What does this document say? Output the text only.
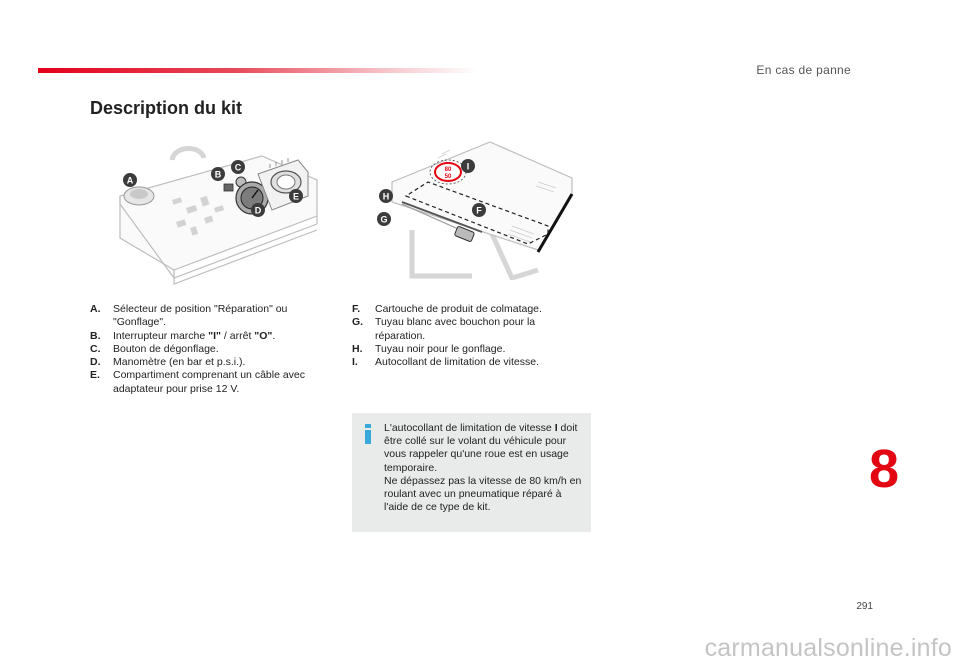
En cas de panne
Description du kit
A
B
C
D
E
80
50
I
H
F
G
A. Sélecteur de position "Réparation" ou "Gonflage".
B. Interrupteur marche "I" / arrêt "O".
C. Bouton de dégonflage.
D. Manomètre (en bar et p.s.i.).
E. Compartiment comprenant un câble avec adaptateur pour prise 12 V.
F. Cartouche de produit de colmatage.
G. Tuyau blanc avec bouchon pour la réparation.
H. Tuyau noir pour le gonflage.
I. Autocollant de limitation de vitesse.
L'autocollant de limitation de vitesse I doit être collé sur le volant du véhicule pour vous rappeler qu'une roue est en usage temporaire.
Ne dépassez pas la vitesse de 80 km/h en roulant avec un pneumatique réparé à l'aide de ce type de kit.
8
291
carmanualsonline.info
